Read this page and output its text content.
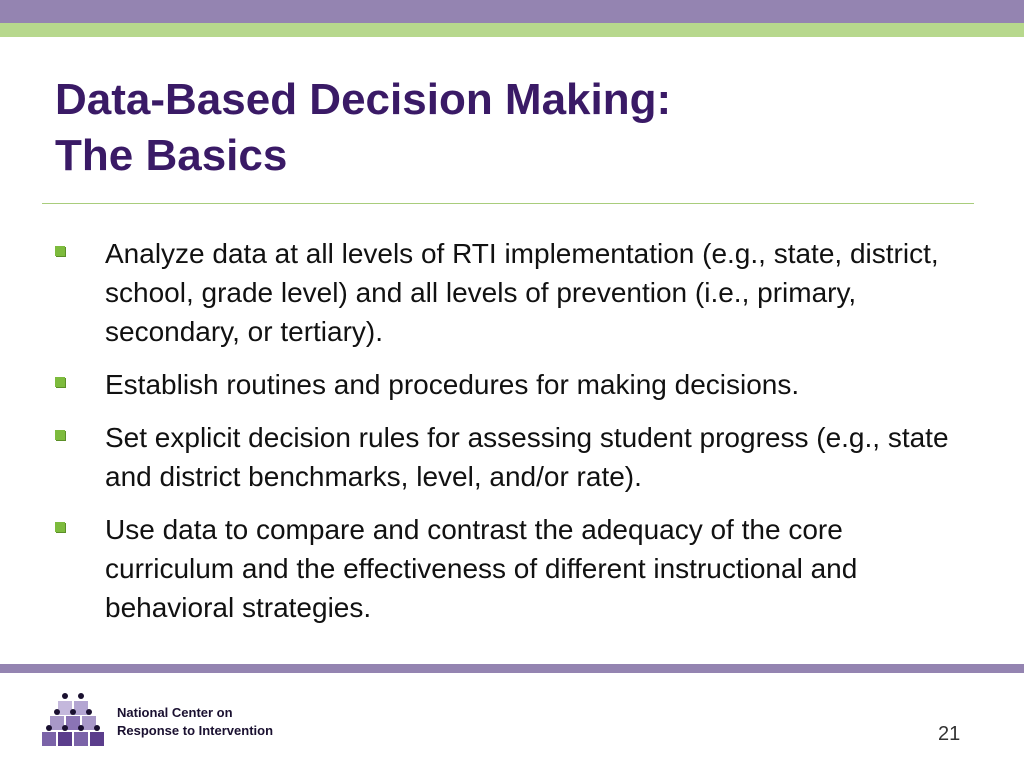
Data-Based Decision Making:
The Basics
Analyze data at all levels of RTI implementation (e.g., state, district, school, grade level) and all levels of prevention (i.e., primary, secondary, or tertiary).
Establish routines and procedures for making decisions.
Set explicit decision rules for assessing student progress (e.g., state and district benchmarks, level, and/or rate).
Use data to compare and contrast the adequacy of the core curriculum and the effectiveness of different instructional and behavioral strategies.
National Center on
Response to Intervention	21
